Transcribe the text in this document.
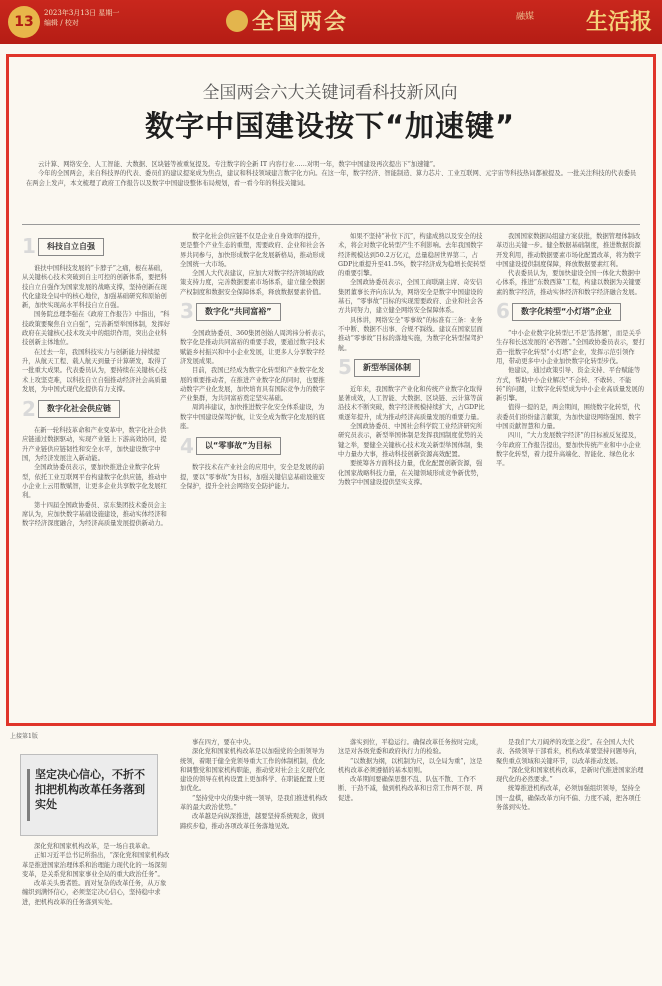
13
2023年3月13日 星期一
编辑 / 校对	全国两会	融媒	生活报
全国两会六大关键词看科技新风向
数字中国建设按下“加速键”
云计算、网络安全、人工智能、大数据、区块链等被重复提及。专注数字的全新 IT 内容行业……对明一年，数字中国建设再次提出下“加速键”。
今年的全国两会，来自科技界的代表、委员们的建议提案成为焦点，建议和科技领域建言数字化方向。在这一年，数字经济、智能制造、算力芯片、工业互联网、元宇宙等科技热词都被提及。一批关注科技的代表委员在两会上发声，本文梳理了政府工作报告以及数字中国建设整体布局规划，看一看今年的科技关键词。
1	科技自立自强

谁扶中国科技发展的“卡脖子”之痛，根在基础，从关键核心技术突破到自主可控的创新体系，要把科技自立自强作为国家发展的战略支撑，坚持创新在现代化建设全局中的核心地位，加强基础研究和原始创新，加快实现高水平科技自立自强。

国务院总理李强在《政府工作报告》中指出，“科技政策要聚焦自立自强”，完善新型举国体制，发挥好政府在关键核心技术攻关中的组织作用，突出企业科技创新主体地位。

在过去一年，我国科技实力与创新能力持续提升，从航天工程、载人航天到量子计算研发，取得了一批重大成果。代表委员认为，要持续在关键核心技术上攻坚克难，以科技自立自强推动经济社会高质量发展，为中国式现代化提供有力支撑。

2	数字化社会供应链

在新一轮科技革命和产业变革中，数字化社会供应链通过数据驱动，实现产业链上下游高效协同，提升产业链供应链韧性和安全水平，加快建设数字中国，为经济发展注入新动能。

全国政协委员表示，要加快推进企业数字化转型，依托工业互联网平台构建数字化供应链，推动中小企业上云用数赋智，让更多企业共享数字化发展红利。

第十四届全国政协委员、京东集团技术委员会主席认为，应加快数字基础设施建设，推动实体经济和数字经济深度融合，为经济高质量发展提供新动力。

数字化社会供应链不仅是企业自身效率的提升，更是整个产业生态的重塑，需要政府、企业和社会各界共同参与，加快形成数字化发展新格局，推动形成全国统一大市场。

全国人大代表建议，应加大对数字经济领域的政策支持力度，完善数据要素市场体系，建立健全数据产权制度和数据安全保障体系，释放数据要素价值。

3	数字化“共同富裕”

全国政协委员、360集团创始人周鸿祎分析表示，数字化是推动共同富裕的重要手段，要通过数字技术赋能乡村振兴和中小企业发展，让更多人分享数字经济发展成果。

目前，我国已经成为数字化转型和产业数字化发展的重要推动者，在推进产业数字化的同时，也要推动数字产业化发展，加快培育具有国际竞争力的数字产业集群，为共同富裕奠定坚实基础。

周鸿祎建议，加快推进数字化安全体系建设，为数字中国建设保驾护航，让安全成为数字化发展的底座。

4	以“零事故”为目标

数字技术在产业社会的应用中，安全是发展的前提，要以“零事故”为目标，加强关键信息基础设施安全保护，提升全社会网络安全防护能力。

如果不坚持“补位下沉”，构建成熟以及安全的技术，将会对数字化转型产生不利影响。去年我国数字经济规模达到50.2万亿元，总量稳居世界第二，占GDP比重提升至41.5%，数字经济成为稳增长促转型的重要引擎。

全国政协委员表示，全国工商联副主席、奇安信集团董事长齐向东认为，网络安全是数字中国建设的基石，“零事故”目标的实现需要政府、企业和社会各方共同努力，建立健全网络安全保障体系。

具体讲，网络安全“零事故”的标准有三条：业务不中断、数据不出事、合规不踩线。建议在国家层面推动“零事故”目标的落地实施，为数字化转型保驾护航。

5	新型举国体制

近年来，我国数字产业化和传统产业数字化取得显著成效，人工智能、大数据、区块链、云计算等前沿技术不断突破，数字经济规模持续扩大，占GDP比重逐年提升，成为推动经济高质量发展的重要力量。

全国政协委员、中国社会科学院工业经济研究所研究员表示，新型举国体制是发挥我国制度优势的关键之举，要健全关键核心技术攻关新型举国体制，集中力量办大事，推动科技创新资源高效配置。

要统筹各方面科技力量，优化配置创新资源，强化国家战略科技力量，在关键领域形成竞争新优势，为数字中国建设提供坚实支撑。

我国国家数据局组建方案获批，数据管理体制改革迈出关键一步。健全数据基础制度，推进数据资源开发利用，推动数据要素市场化配置改革，将为数字中国建设提供制度保障，释放数据要素红利。

代表委员认为，要加快建设全国一体化大数据中心体系，推进“东数西算”工程，构建以数据为关键要素的数字经济，推动实体经济和数字经济融合发展。

6	数字化转型“小灯塔”企业

“中小企业数字化转型已不是‘选择题’，而是关乎生存和长远发展的‘必答题’。”全国政协委员表示，要打造一批数字化转型“小灯塔”企业，发挥示范引领作用，带动更多中小企业加快数字化转型步伐。

他建议，通过政策引导、资金支持、平台赋能等方式，帮助中小企业解决“不会转、不敢转、不能转”的问题，让数字化转型成为中小企业高质量发展的新引擎。

值得一提的是，两会期间，围绕数字化转型，代表委员们纷纷建言献策，为加快建设网络强国、数字中国贡献智慧和力量。

四川，“大力发展数字经济”的目标被反复提及，今年政府工作报告提出，要加快传统产业和中小企业数字化转型，着力提升高端化、智能化、绿色化水平。

上接第1版
坚定决心信心，不折不扣把机构改革任务落到实处

深化党和国家机构改革，是一场自我革命。

正如习近平总书记所指出，“深化党和国家机构改革是推进国家治理体系和治理能力现代化的一场深刻变革，是关系党和国家事业全局的重大政治任务”。

改革关头勇者胜。面对复杂的改革任务，从万象缠织到满怀信心，必须坚定决心信心，坚持稳中求进，把机构改革的任务落到实处。

事在四方，要在中央。

深化党和国家机构改革是以加强党的全面领导为统领，着眼于健全党领导重大工作的体制机制，优化和调整党和国家机构职能，推动党对社会主义现代化建设的领导在机构设置上更加科学、在职能配置上更加优化。

“坚持党中央的集中统一领导，是我们推进机构改革的最大政治优势。”

改革越是向纵深推进，越要坚持系统观念，做到蹄疾步稳，推动各项改革任务落地见效。

落实到位，平稳运行。确保改革任务按时完成，这是对各级党委和政府执行力的检验。

“以数据为纲，以机制为尺，以全局为重”，这是机构改革必须遵循的基本原则。

改革期间要确保思想不乱、队伍不散、工作不断、干劲不减，做到机构改革和日常工作两不误、两促进。

是我们“大刀阔斧的攻坚之役”。在全国人大代表、各级领导干部看来，机构改革要坚持问题导向，聚焦重点领域和关键环节，以改革推动发展。

“深化党和国家机构改革，是新时代推进国家治理现代化的必然要求。”

统筹推进机构改革，必须加强组织领导，坚持全国一盘棋，确保改革方向不偏、力度不减，把各项任务落到实处。
